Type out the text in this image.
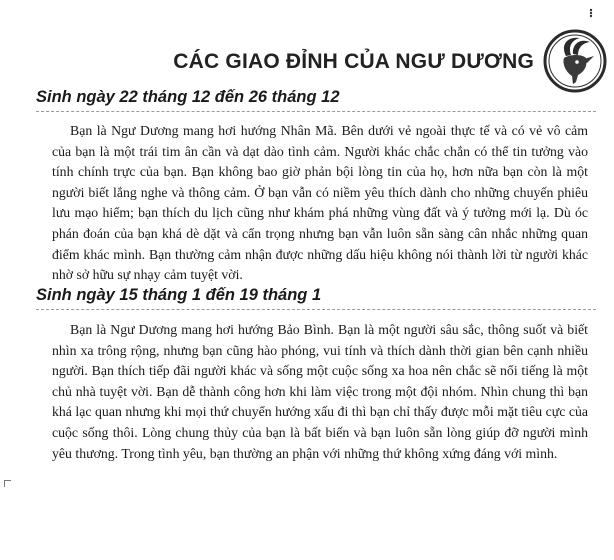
CÁC GIAO ĐỈNH CỦA NGƯ DƯƠNG
Sinh ngày 22 tháng 12 đến 26 tháng 12

Bạn là Ngư Dương mang hơi hướng Nhân Mã. Bên dưới vẻ ngoài thực tế và có vẻ vô cảm của bạn là một trái tim ân cần và dạt dào tình cảm. Người khác chắc chắn có thể tin tưởng vào tính chính trực của bạn. Bạn không bao giờ phản bội lòng tin của họ, hơn nữa bạn còn là một người biết lắng nghe và thông cảm. Ở bạn vẫn có niềm yêu thích dành cho những chuyến phiêu lưu mạo hiểm; bạn thích du lịch cũng như khám phá những vùng đất và ý tưởng mới lạ. Dù óc phán đoán của bạn khá dè dặt và cẩn trọng nhưng bạn vẫn luôn sẵn sàng cân nhắc những quan điểm khác mình. Bạn thường cảm nhận được những dấu hiệu không nói thành lời từ người khác nhờ sở hữu sự nhạy cảm tuyệt vời.

Sinh ngày 15 tháng 1 đến 19 tháng 1

Bạn là Ngư Dương mang hơi hướng Bảo Bình. Bạn là một người sâu sắc, thông suốt và biết nhìn xa trông rộng, nhưng bạn cũng hào phóng, vui tính và thích dành thời gian bên cạnh nhiều người. Bạn thích tiếp đãi người khác và sống một cuộc sống xa hoa nên chắc sẽ nổi tiếng là một chủ nhà tuyệt vời. Bạn dễ thành công hơn khi làm việc trong một đội nhóm. Nhìn chung thì bạn khá lạc quan nhưng khi mọi thứ chuyển hướng xấu đi thì bạn chỉ thấy được mỗi mặt tiêu cực của cuộc sống thôi. Lòng chung thủy của bạn là bất biến và bạn luôn sẵn lòng giúp đỡ người mình yêu thương. Trong tình yêu, bạn thường an phận với những thứ không xứng đáng với mình.
